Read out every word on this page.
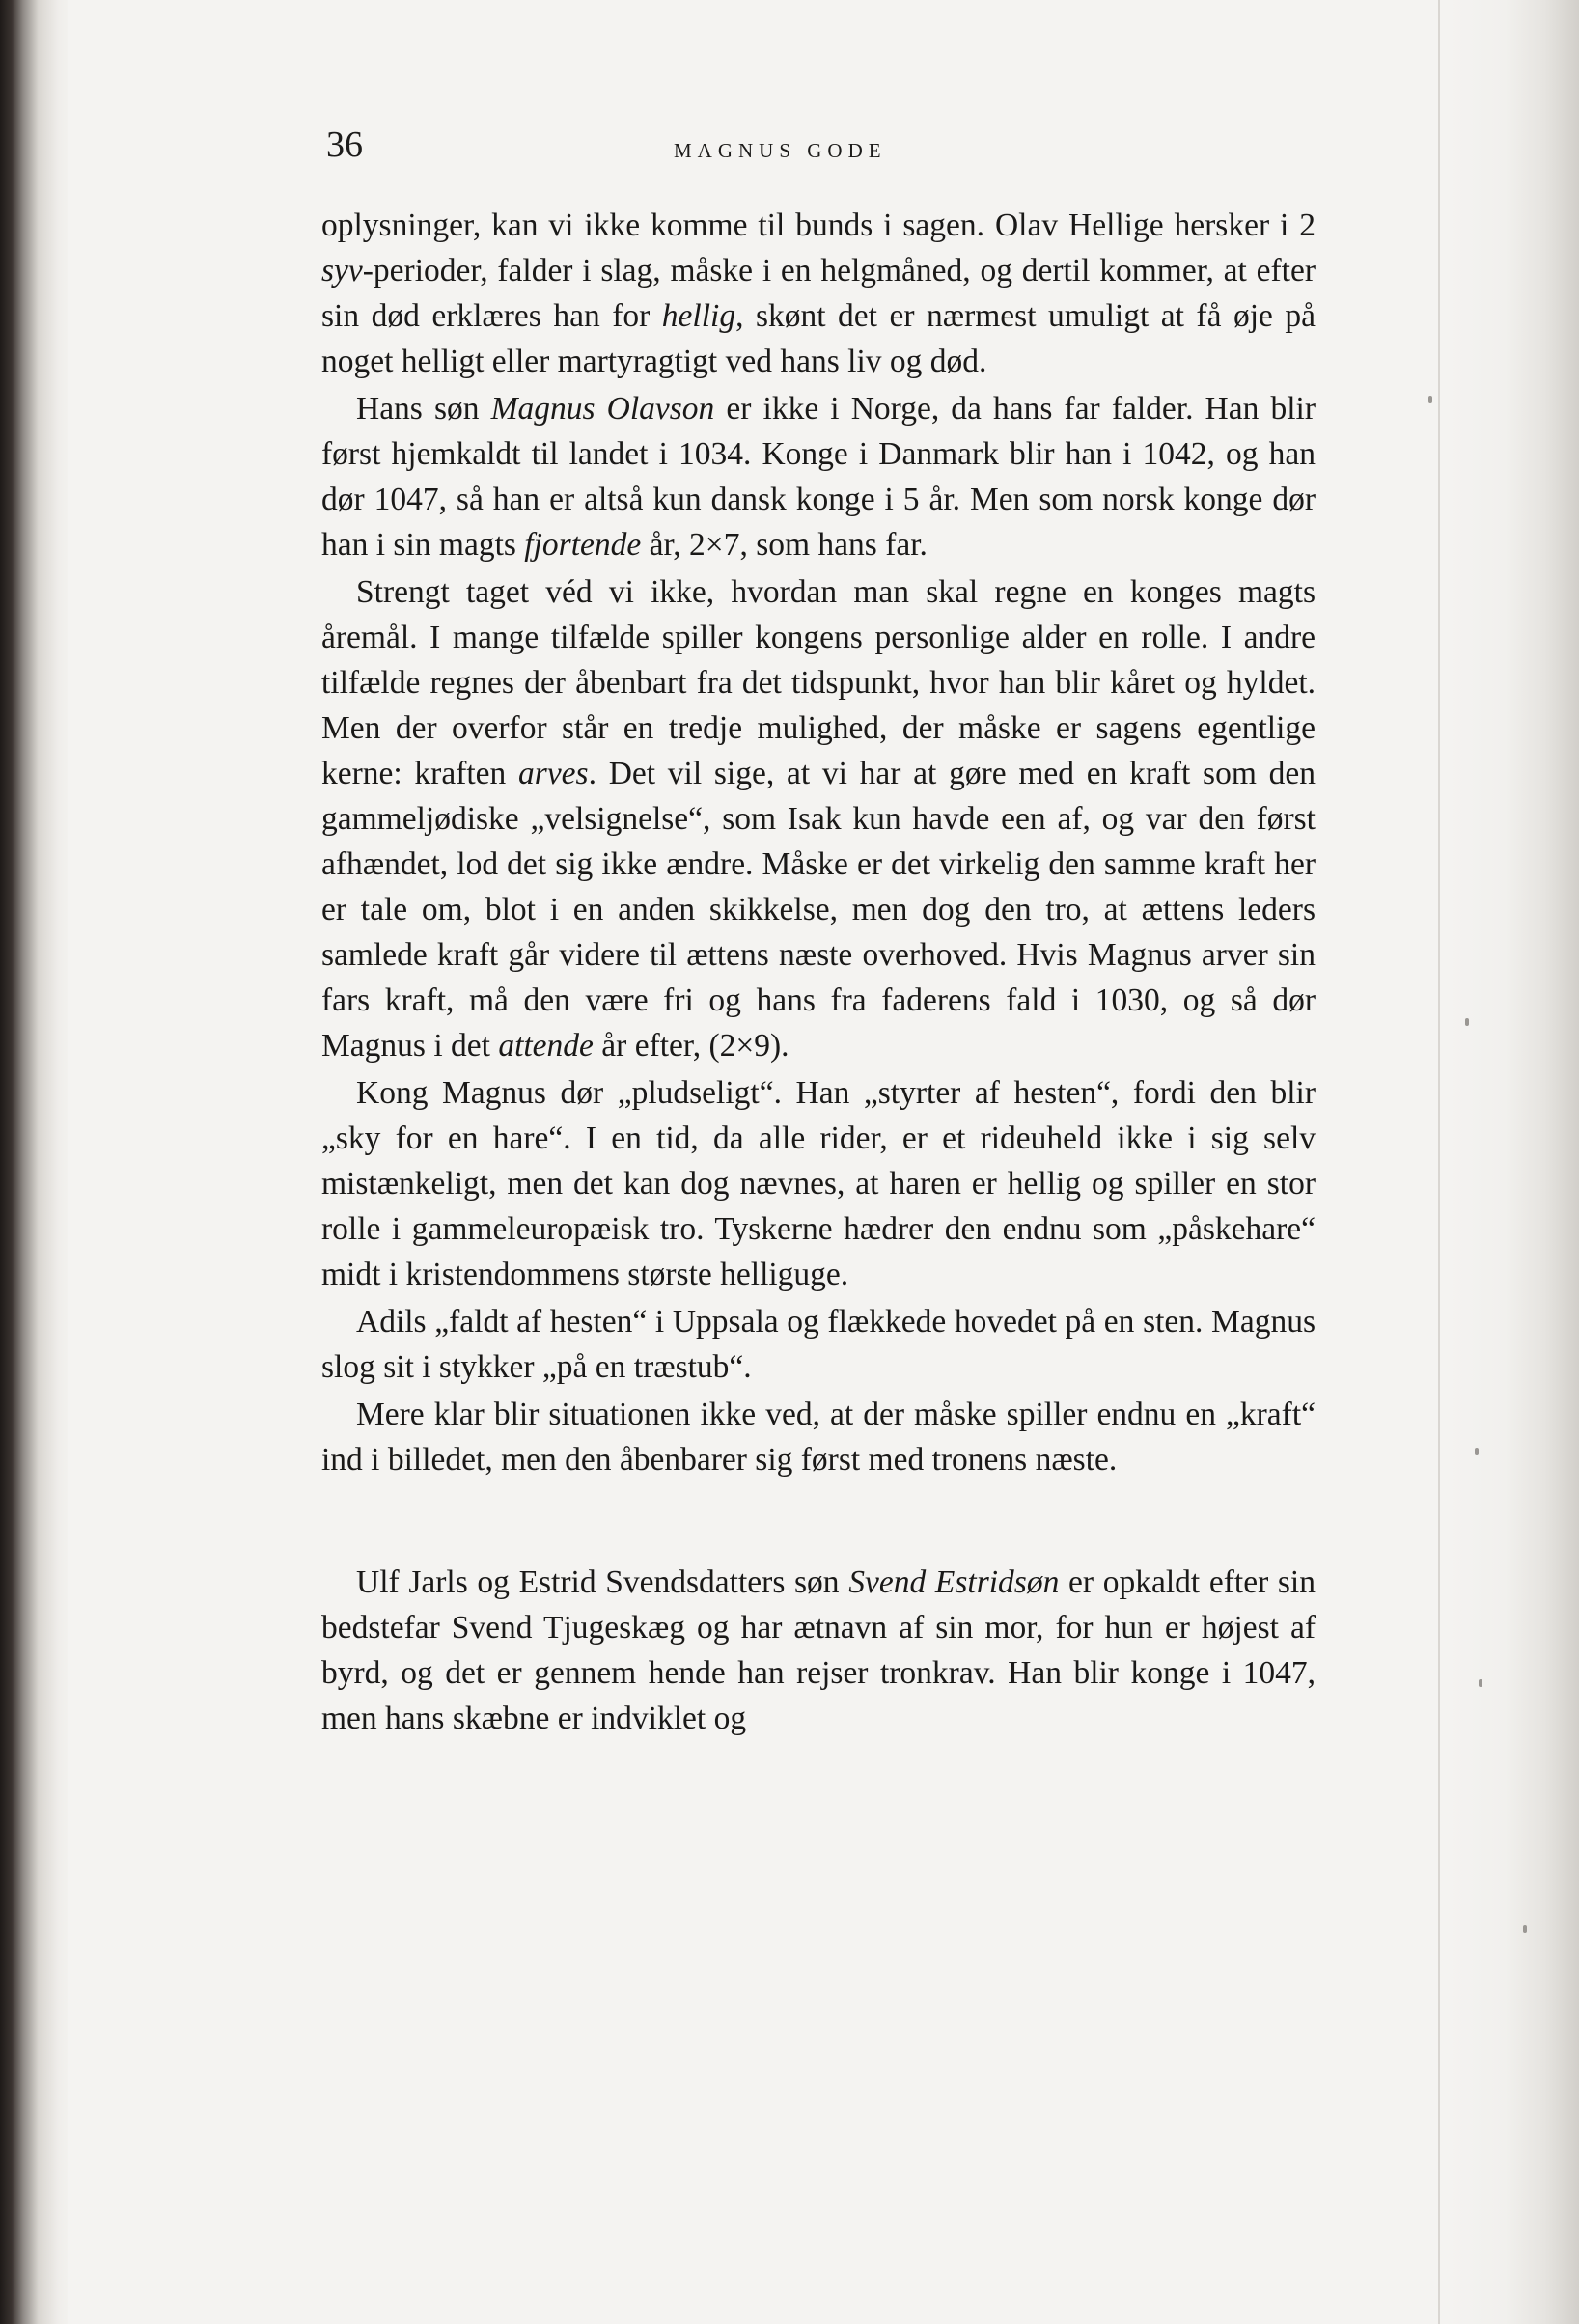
36	MAGNUS GODE

oplysninger, kan vi ikke komme til bunds i sagen. Olav Hellige hersker i 2 syv-perioder, falder i slag, måske i en helgmåned, og dertil kommer, at efter sin død erklæres han for hellig, skønt det er nærmest umuligt at få øje på noget helligt eller martyragtigt ved hans liv og død.

Hans søn Magnus Olavson er ikke i Norge, da hans far falder. Han blir først hjemkaldt til landet i 1034. Konge i Danmark blir han i 1042, og han dør 1047, så han er altså kun dansk konge i 5 år. Men som norsk konge dør han i sin magts fjortende år, 2×7, som hans far.

Strengt taget véd vi ikke, hvordan man skal regne en konges magts åremål. I mange tilfælde spiller kongens personlige alder en rolle. I andre tilfælde regnes der åbenbart fra det tidspunkt, hvor han blir kåret og hyldet. Men der overfor står en tredje mulighed, der måske er sagens egentlige kerne: kraften arves. Det vil sige, at vi har at gøre med en kraft som den gammeljødiske „velsignelse“, som Isak kun havde een af, og var den først afhændet, lod det sig ikke ændre. Måske er det virkelig den samme kraft her er tale om, blot i en anden skikkelse, men dog den tro, at ættens leders samlede kraft går videre til ættens næste overhoved. Hvis Magnus arver sin fars kraft, må den være fri og hans fra faderens fald i 1030, og så dør Magnus i det attende år efter, (2×9).

Kong Magnus dør „pludseligt“. Han „styrter af hesten“, fordi den blir „sky for en hare“. I en tid, da alle rider, er et rideuheld ikke i sig selv mistænkeligt, men det kan dog nævnes, at haren er hellig og spiller en stor rolle i gammeleuropæisk tro. Tyskerne hædrer den endnu som „påskehare“ midt i kristendommens største helliguge.

Adils „faldt af hesten“ i Uppsala og flækkede hovedet på en sten. Magnus slog sit i stykker „på en træstub“.

Mere klar blir situationen ikke ved, at der måske spiller endnu en „kraft“ ind i billedet, men den åbenbarer sig først med tronens næste.

Ulf Jarls og Estrid Svendsdatters søn Svend Estridsøn er opkaldt efter sin bedstefar Svend Tjugeskæg og har ætnavn af sin mor, for hun er højest af byrd, og det er gennem hende han rejser tronkrav. Han blir konge i 1047, men hans skæbne er indviklet og
